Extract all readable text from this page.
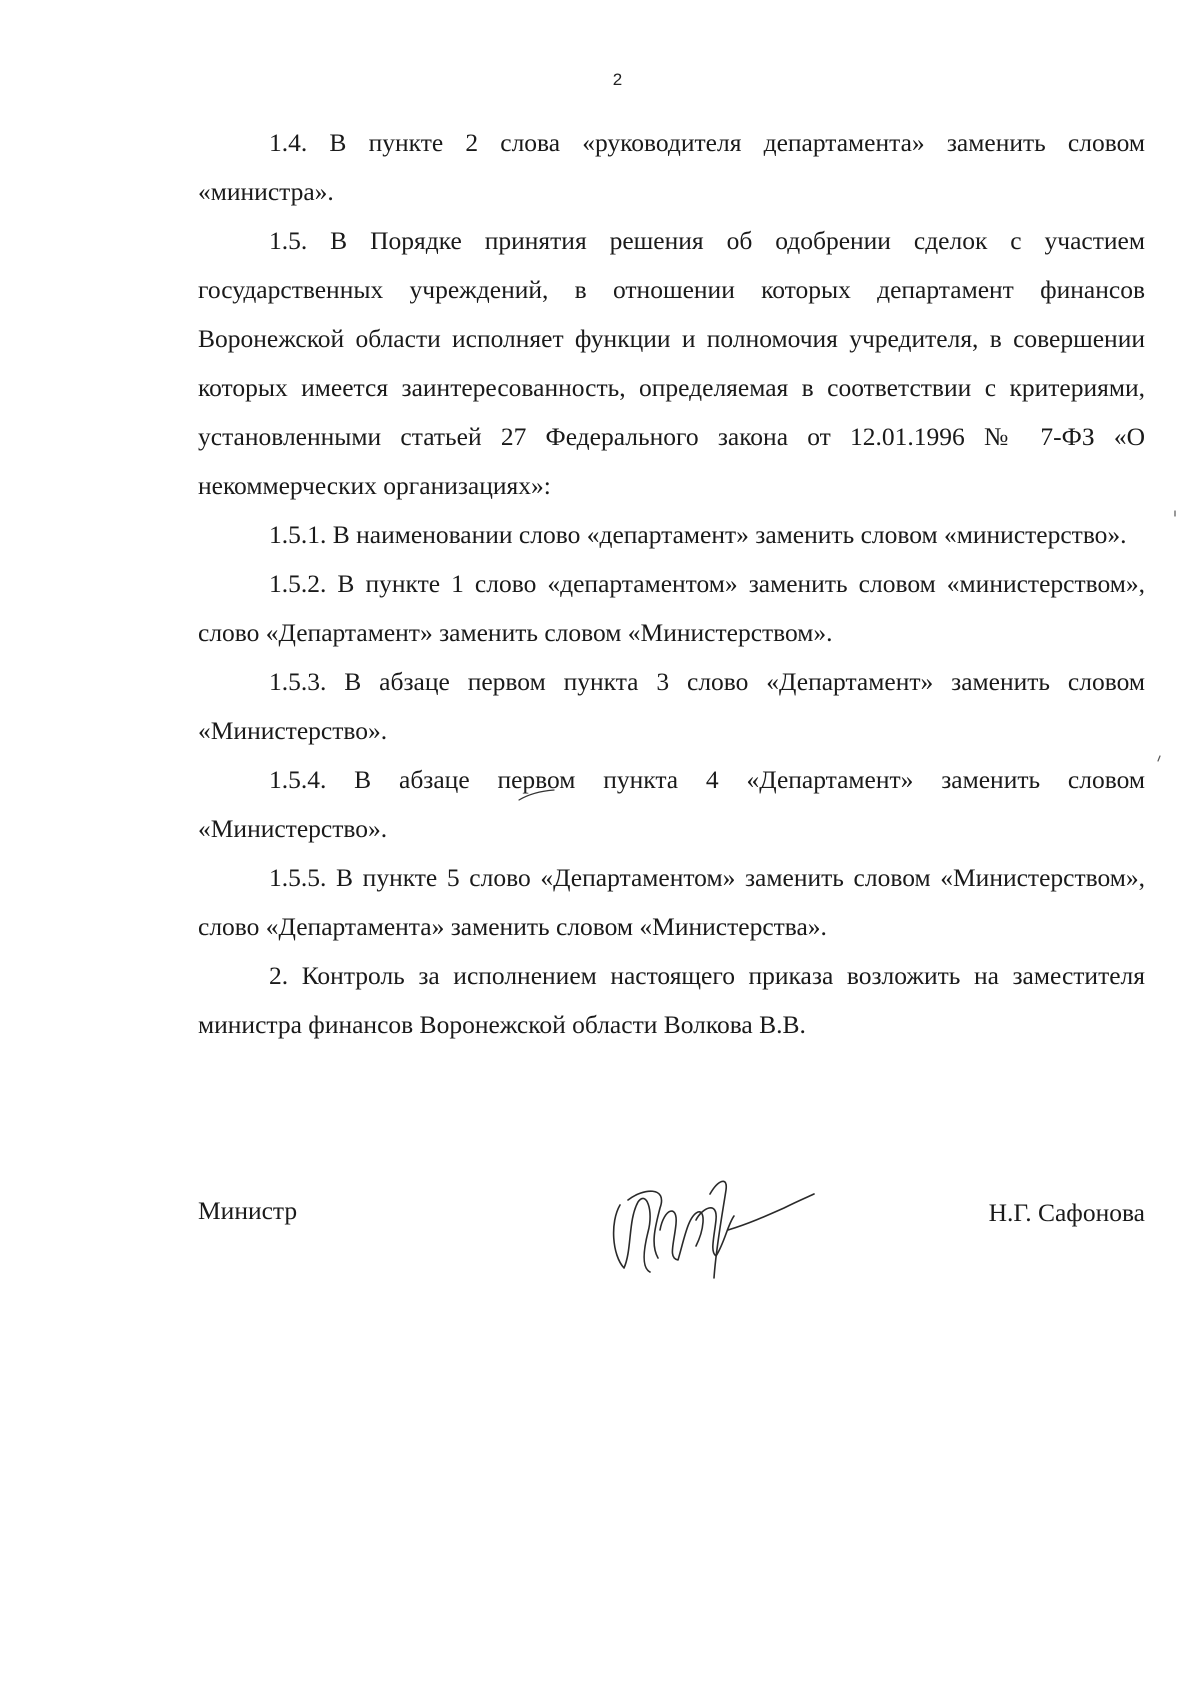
2

1.4. В пункте 2 слова «руководителя департамента» заменить словом «министра».

1.5. В Порядке принятия решения об одобрении сделок с участием государственных учреждений, в отношении которых департамент финансов Воронежской области исполняет функции и полномочия учредителя, в совершении которых имеется заинтересованность, определяемая в соответствии с критериями, установленными статьей 27 Федерального закона от 12.01.1996 № 7-ФЗ «О некоммерческих организациях»:

1.5.1. В наименовании слово «департамент» заменить словом «министерство».

1.5.2. В пункте 1 слово «департаментом» заменить словом «министерством», слово «Департамент» заменить словом «Министерством».

1.5.3. В абзаце первом пункта 3 слово «Департамент» заменить словом «Министерство».

1.5.4. В абзаце первом пункта 4 «Департамент» заменить словом «Министерство».

1.5.5. В пункте 5 слово «Департаментом» заменить словом «Министерством», слово «Департамента» заменить словом «Министерства».

2. Контроль за исполнением настоящего приказа возложить на заместителя министра финансов Воронежской области Волкова В.В.

Министр	Н.Г. Сафонова
